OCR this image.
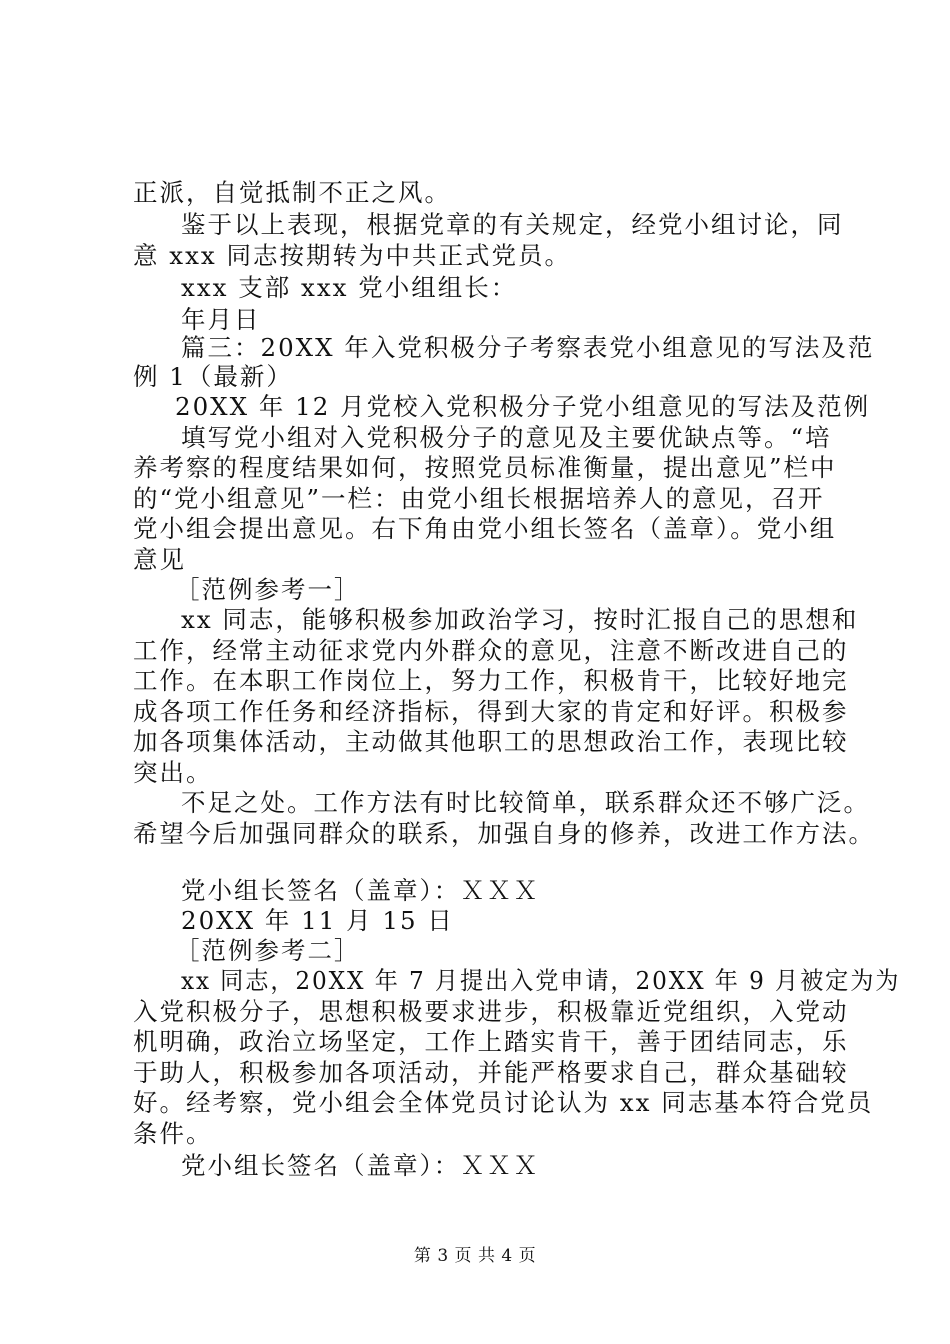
正派，自觉抵制不正之风。
鉴于以上表现，根据党章的有关规定，经党小组讨论，同
意 xxx 同志按期转为中共正式党员。
xxx 支部 xxx 党小组组长：
年月日
篇三：20XX 年入党积极分子考察表党小组意见的写法及范
例 1（最新）
20XX 年 12 月党校入党积极分子党小组意见的写法及范例
填写党小组对入党积极分子的意见及主要优缺点等。“培
养考察的程度结果如何，按照党员标准衡量，提出意见”栏中
的“党小组意见”一栏：由党小组长根据培养人的意见，召开
党小组会提出意见。右下角由党小组长签名（盖章）。党小组
意见
［范例参考一］
xx 同志，能够积极参加政治学习，按时汇报自己的思想和
工作，经常主动征求党内外群众的意见，注意不断改进自己的
工作。在本职工作岗位上，努力工作，积极肯干，比较好地完
成各项工作任务和经济指标，得到大家的肯定和好评。积极参
加各项集体活动，主动做其他职工的思想政治工作，表现比较
突出。
不足之处。工作方法有时比较简单，联系群众还不够广泛。
希望今后加强同群众的联系，加强自身的修养，改进工作方法。
党小组长签名（盖章）：ＸＸＸ
20XX 年 11 月 15 日
［范例参考二］
xx 同志，20XX 年 7 月提出入党申请，20XX 年 9 月被定为为
入党积极分子，思想积极要求进步，积极靠近党组织，入党动
机明确，政治立场坚定，工作上踏实肯干，善于团结同志，乐
于助人，积极参加各项活动，并能严格要求自己，群众基础较
好。经考察，党小组会全体党员讨论认为 xx 同志基本符合党员
条件。
党小组长签名（盖章）：ＸＸＸ
第 3 页 共 4 页
